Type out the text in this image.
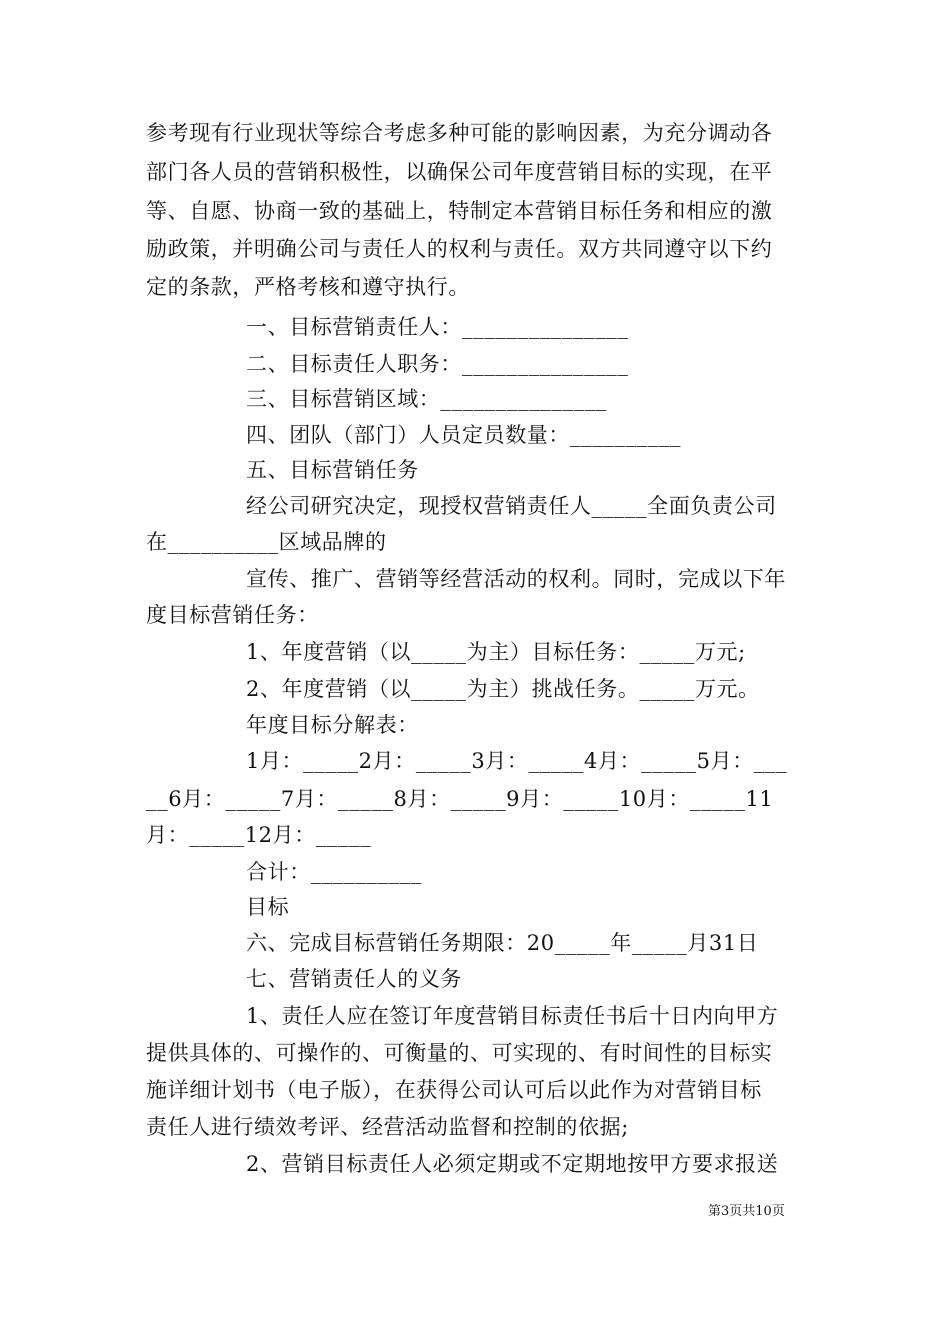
参考现有行业现状等综合考虑多种可能的影响因素，为充分调动各
部门各人员的营销积极性，以确保公司年度营销目标的实现，在平
等、自愿、协商一致的基础上，特制定本营销目标任务和相应的激
励政策，并明确公司与责任人的权利与责任。双方共同遵守以下约
定的条款，严格考核和遵守执行。
一、目标营销责任人：_______________
二、目标责任人职务：_______________
三、目标营销区域：_______________
四、团队（部门）人员定员数量：__________
五、目标营销任务
经公司研究决定，现授权营销责任人_____全面负责公司
在__________区域品牌的
宣传、推广、营销等经营活动的权利。同时，完成以下年
度目标营销任务：
1、年度营销（以_____为主）目标任务：_____万元;
2、年度营销（以_____为主）挑战任务。_____万元。
年度目标分解表：
1月：_____2月：_____3月：_____4月：_____5月：___
__6月：_____7月：_____8月：_____9月：_____10月：_____11
月：_____12月：_____
合计：__________
目标
六、完成目标营销任务期限：20_____年_____月31日
七、营销责任人的义务
1、责任人应在签订年度营销目标责任书后十日内向甲方
提供具体的、可操作的、可衡量的、可实现的、有时间性的目标实
施详细计划书（电子版），在获得公司认可后以此作为对营销目标
责任人进行绩效考评、经营活动监督和控制的依据;
2、营销目标责任人必须定期或不定期地按甲方要求报送
第3页共10页
